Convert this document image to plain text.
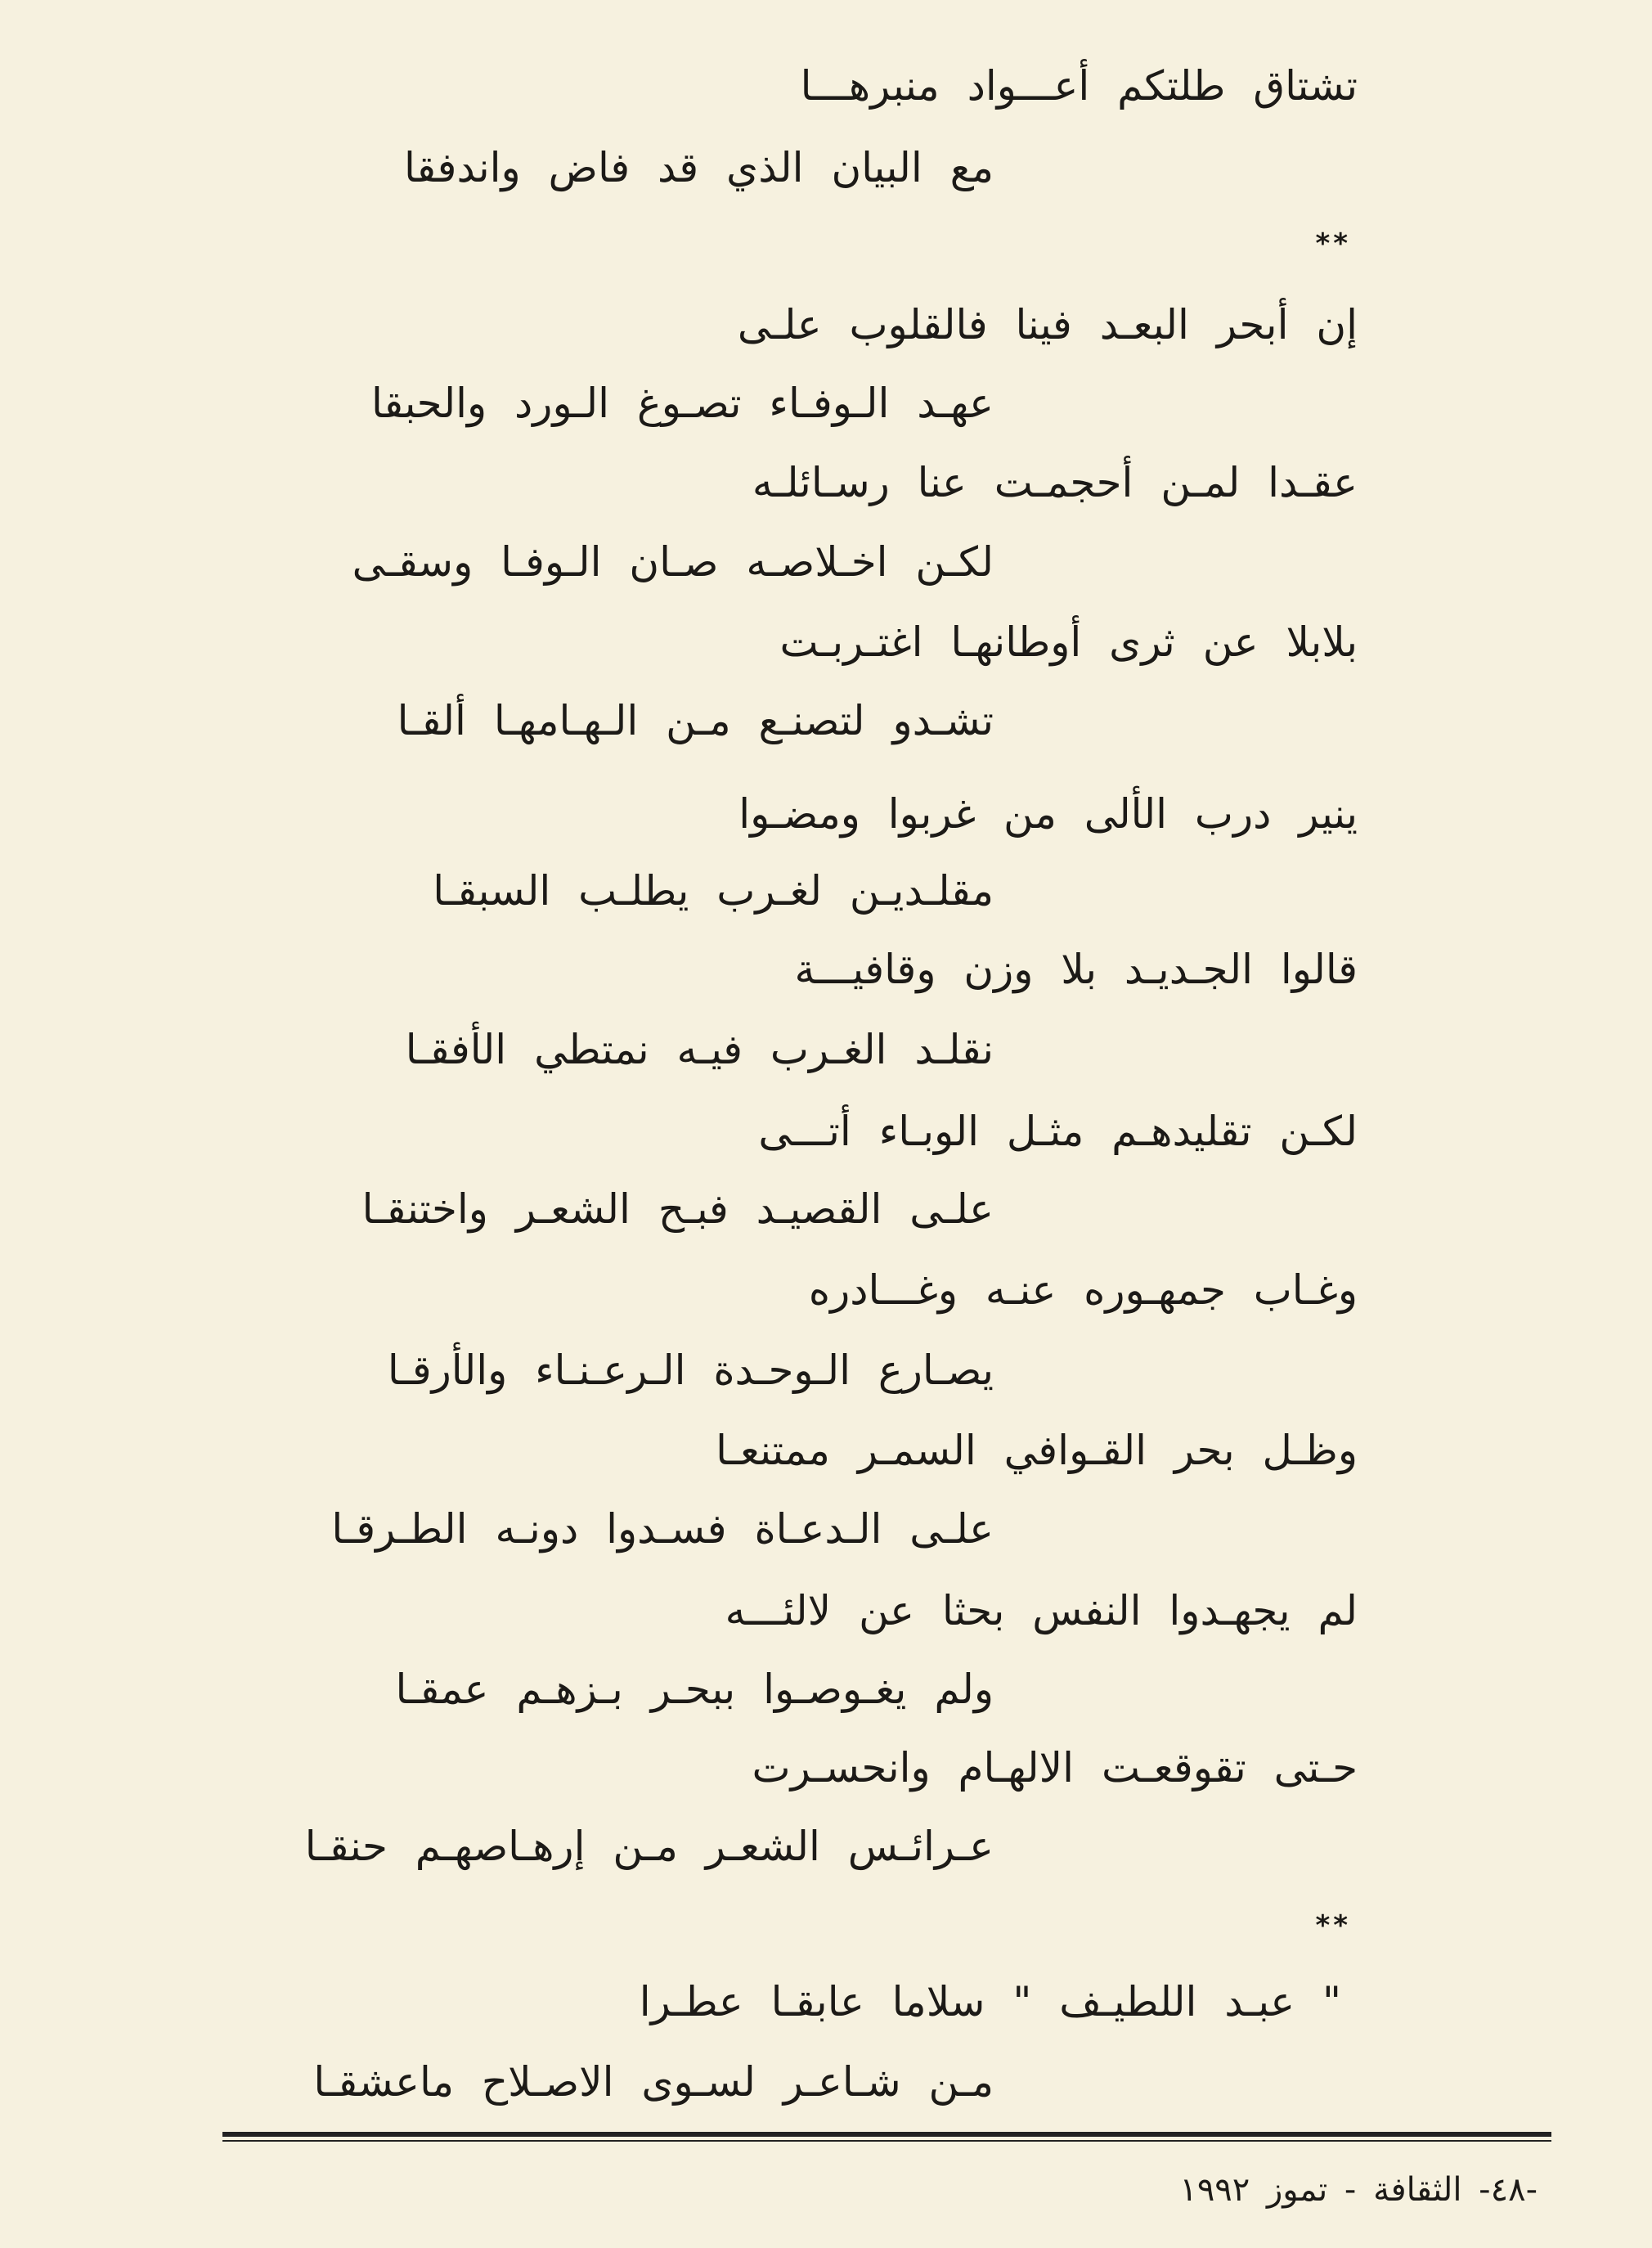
تشتاق طلتكم أعـــواد منبرهـــا
مع البيان الذي قد فاض واندفقا
**
إن أبحر البعـد فينا فالقلوب علـى
عهـد الـوفـاء تصـوغ الـورد والحبقا
عقـدا لمـن أحجمـت عنا رسـائلـه
لكـن اخـلاصـه صـان الـوفـا وسقـى
بلابلا عن ثرى أوطانهـا اغتـربـت
تشـدو لتصنـع مـن الـهـامهـا ألقـا
ينير درب الألى من غربوا ومضـوا
مقلـديـن لغـرب يطلـب السبقـا
قالوا الجـديـد بلا وزن وقافيـــة
نقلـد الغـرب فيـه نمتطي الأفقـا
لكـن تقليدهـم مثـل الوبـاء أتـــى
علـى القصيـد فبـح الشعـر واختنقـا
وغـاب جمهـوره عنـه وغـــادره
يصـارع الـوحـدة الـرعـنـاء والأرقـا
وظـل بحر القـوافي السمـر ممتنعـا
علـى الـدعـاة فسـدوا دونـه الطـرقـا
لم يجهـدوا النفس بحثا عن لالئـــه
ولم يغـوصـوا ببحـر بـزهـم عمقـا
حـتى تقوقعـت الالهـام وانحسـرت
عـرائـس الشعـر مـن إرهـاصهـم حنقـا
**
" عبـد اللطيـف " سلاما عابقـا عطـرا
مـن شـاعـر لسـوى الاصـلاح ماعشقـا
-٤٨- الثقافة - تموز ١٩٩٢
